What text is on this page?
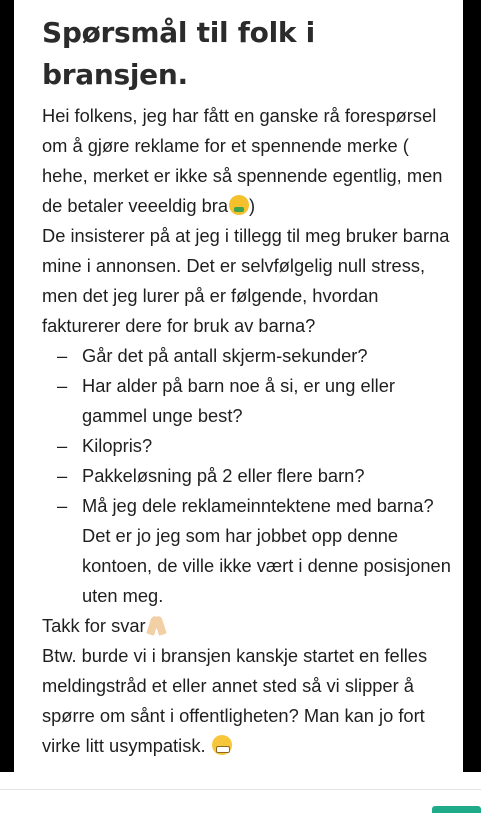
Spørsmål til folk i bransjen.

Hei folkens, jeg har fått en ganske rå forespørsel om å gjøre reklame for et spennende merke ( hehe, merket er ikke så spennende egentlig, men de betaler veeeldig bra )

De insisterer på at jeg i tillegg til meg bruker barna mine i annonsen. Det er selvfølgelig null stress, men det jeg lurer på er følgende, hvordan fakturerer dere for bruk av barna?

– Går det på antall skjerm-sekunder?
– Har alder på barn noe å si, er ung eller gammel unge best?
– Kilopris?
– Pakkeløsning på 2 eller flere barn?
– Må jeg dele reklameinntektene med barna? Det er jo jeg som har jobbet opp denne kontoen, de ville ikke vært i denne posisjonen uten meg.

Takk for svar

Btw. burde vi i bransjen kanskje startet en felles meldingstråd et eller annet sted så vi slipper å spørre om sånt i offentligheten? Man kan jo fort virke litt usympatisk.
